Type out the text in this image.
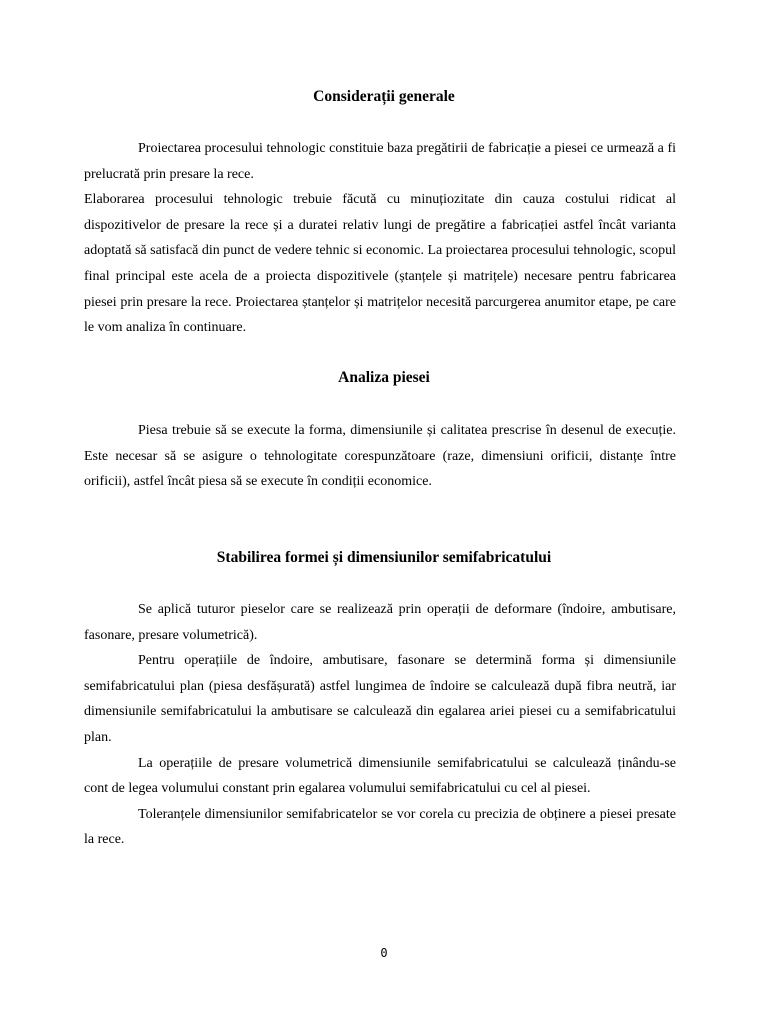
Considerații generale

Proiectarea procesului tehnologic constituie baza pregătirii de fabricație a piesei ce urmează a fi prelucrată prin presare la rece.

Elaborarea procesului tehnologic trebuie făcută cu minuțiozitate din cauza costului ridicat al dispozitivelor de presare la rece și a duratei relativ lungi de pregătire a fabricației astfel încât varianta adoptată să satisfacă din punct de vedere tehnic si economic. La proiectarea procesului tehnologic, scopul final principal este acela de a proiecta dispozitivele (ștanțele și matrițele) necesare pentru fabricarea piesei prin presare la rece. Proiectarea ștanțelor și matrițelor necesită parcurgerea anumitor etape, pe care le vom analiza în continuare.

Analiza piesei

Piesa trebuie să se execute la forma, dimensiunile și calitatea prescrise în desenul de execuție. Este necesar să se asigure o tehnologitate corespunzătoare (raze, dimensiuni orificii, distanțe între orificii), astfel încât piesa să se execute în condiții economice.

Stabilirea formei și dimensiunilor semifabricatului

Se aplică tuturor pieselor care se realizează prin operații de deformare (îndoire, ambutisare, fasonare, presare volumetrică).

Pentru operațiile de îndoire, ambutisare, fasonare se determină forma și dimensiunile semifabricatului plan (piesa desfășurată) astfel lungimea de îndoire se calculează după fibra neutră, iar dimensiunile semifabricatului la ambutisare se calculează din egalarea ariei piesei cu a semifabricatului plan.

La operațiile de presare volumetrică dimensiunile semifabricatului se calculează ținându-se cont de legea volumului constant prin egalarea volumului semifabricatului cu cel al piesei.

Toleranțele dimensiunilor semifabricatelor se vor corela cu precizia de obținere a piesei presate la rece.

0
